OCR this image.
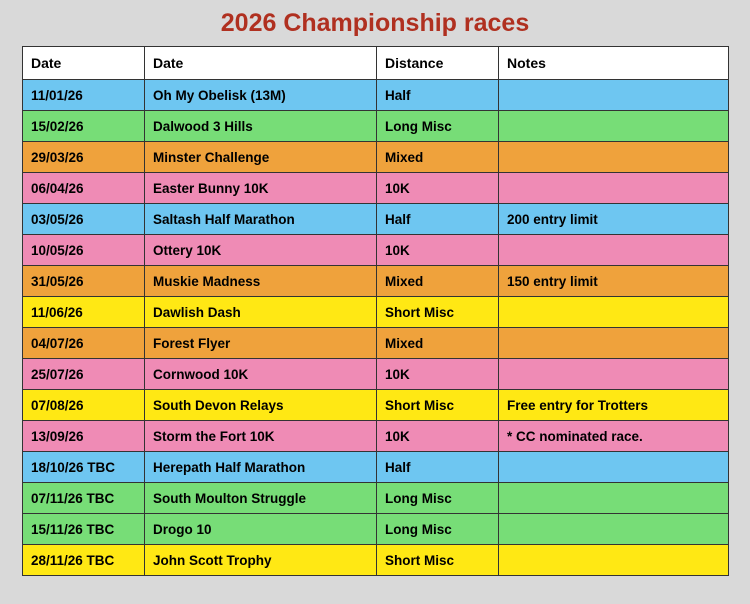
2026 Championship races
Date	Date	Distance	Notes
11/01/26	Oh My Obelisk (13M)	Half	
15/02/26	Dalwood 3 Hills	Long Misc	
29/03/26	Minster Challenge	Mixed	
06/04/26	Easter Bunny 10K	10K	
03/05/26	Saltash Half Marathon	Half	200 entry limit
10/05/26	Ottery 10K	10K	
31/05/26	Muskie Madness	Mixed	150 entry limit
11/06/26	Dawlish Dash	Short Misc	
04/07/26	Forest Flyer	Mixed	
25/07/26	Cornwood 10K	10K	
07/08/26	South Devon Relays	Short Misc	Free entry for Trotters
13/09/26	Storm the Fort 10K	10K	* CC nominated race.
18/10/26 TBC	Herepath Half Marathon	Half	
07/11/26 TBC	South Moulton Struggle	Long Misc	
15/11/26 TBC	Drogo 10	Long Misc	
28/11/26 TBC	John Scott Trophy	Short Misc	
